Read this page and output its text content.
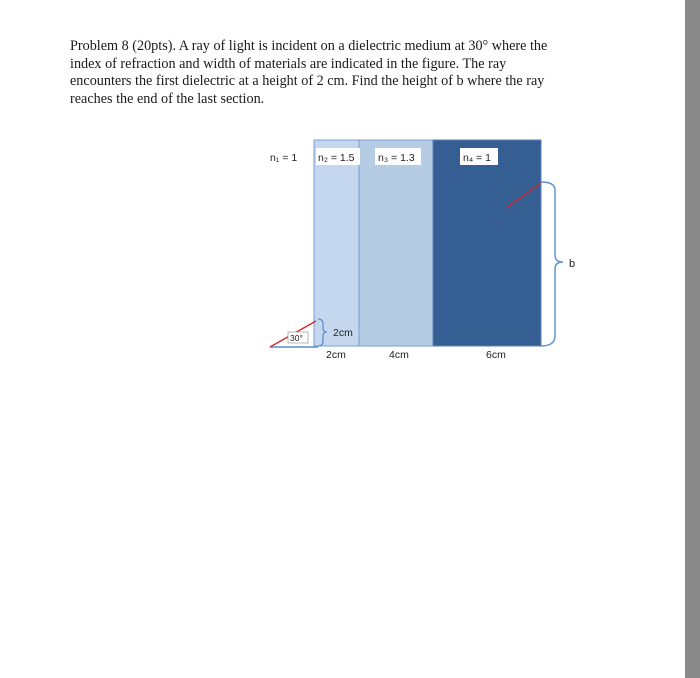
Problem 8 (20pts). A ray of light is incident on a dielectric medium at 30° where the
index of refraction and width of materials are indicated in the figure. The ray
encounters the first dielectric at a height of 2 cm. Find the height of b where the ray
reaches the end of the last section.

n₁ = 1 n₂ = 1.5 n₃ = 1.3	n₄ = 1
30°	2cm
b
2cm	4cm	6cm
